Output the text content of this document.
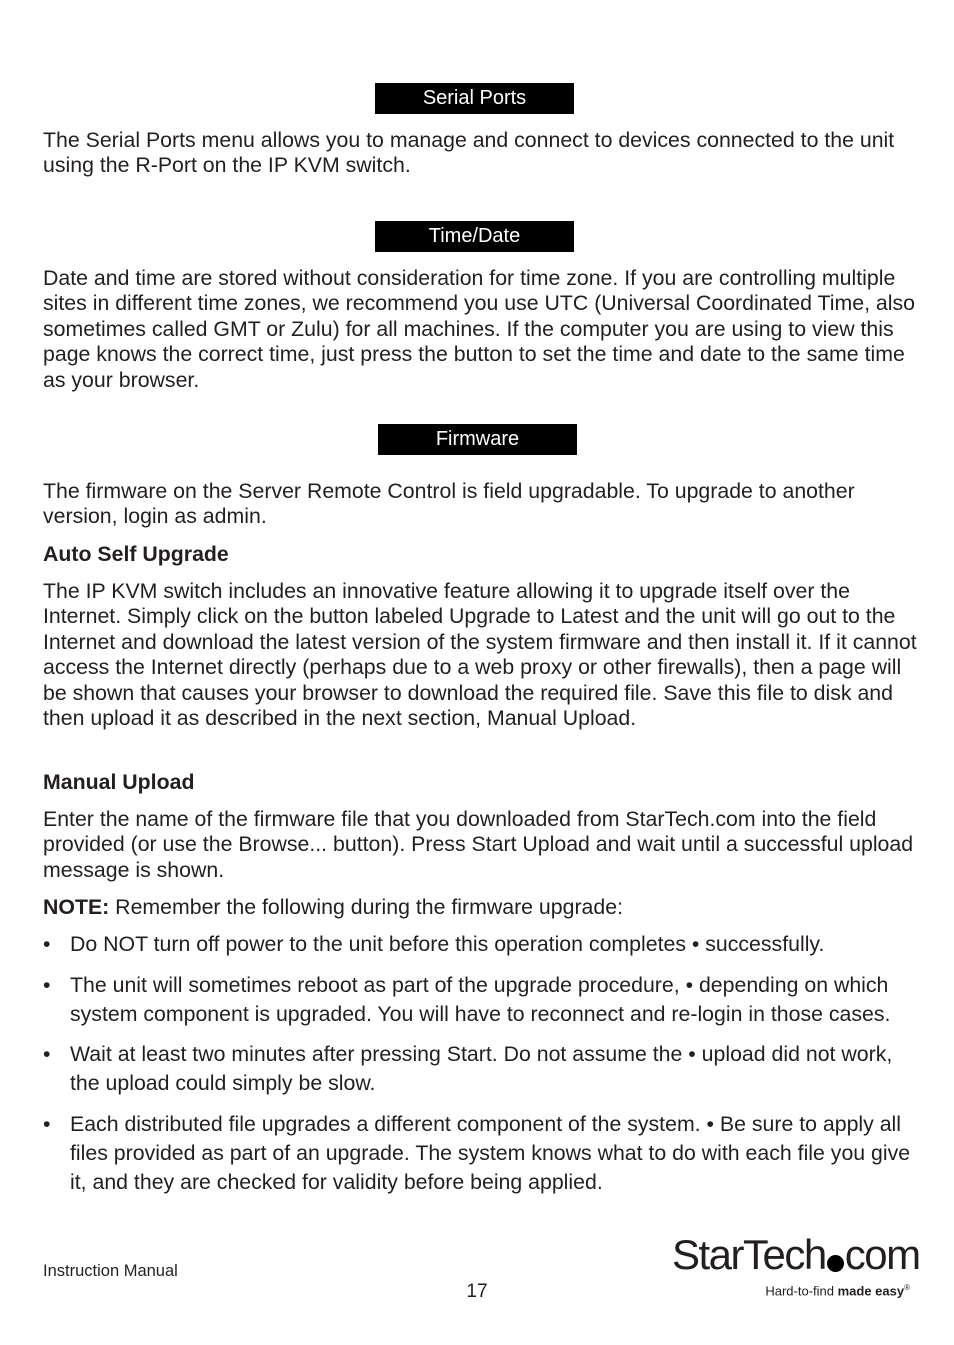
Serial Ports

The Serial Ports menu allows you to manage and connect to devices connected to the unit using the R-Port on the IP KVM switch.

Time/Date

Date and time are stored without consideration for time zone. If you are controlling multiple sites in different time zones, we recommend you use UTC (Universal Coordinated Time, also sometimes called GMT or Zulu) for all machines. If the computer you are using to view this page knows the correct time, just press the button to set the time and date to the same time as your browser.

Firmware

The firmware on the Server Remote Control is field upgradable. To upgrade to another version, login as admin.

Auto Self Upgrade

The IP KVM switch includes an innovative feature allowing it to upgrade itself over the Internet. Simply click on the button labeled Upgrade to Latest and the unit will go out to the Internet and download the latest version of the system firmware and then install it. If it cannot access the Internet directly (perhaps due to a web proxy or other firewalls), then a page will be shown that causes your browser to download the required file. Save this file to disk and then upload it as described in the next section, Manual Upload.

Manual Upload

Enter the name of the firmware file that you downloaded from StarTech.com into the field provided (or use the Browse... button). Press Start Upload and wait until a successful upload message is shown.

NOTE: Remember the following during the firmware upgrade:

• Do NOT turn off power to the unit before this operation completes • successfully.
• The unit will sometimes reboot as part of the upgrade procedure, • depending on which system component is upgraded. You will have to reconnect and re-login in those cases.
• Wait at least two minutes after pressing Start. Do not assume the • upload did not work, the upload could simply be slow.
• Each distributed file upgrades a different component of the system. • Be sure to apply all files provided as part of an upgrade. The system knows what to do with each file you give it, and they are checked for validity before being applied.
Instruction Manual
17
StarTech com
Hard-to-find made easy®
